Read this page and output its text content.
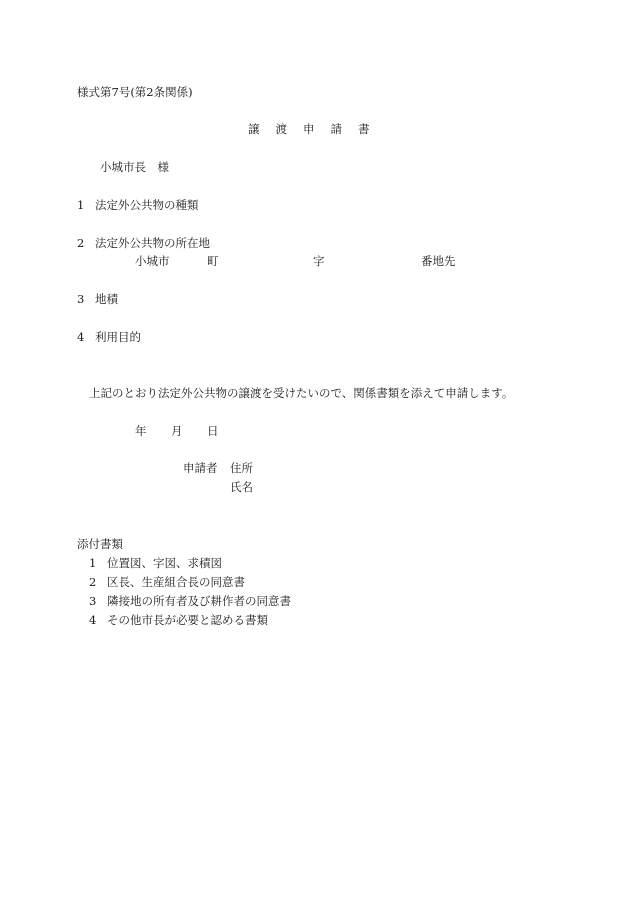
様式第7号(第2条関係)
譲渡申請書
小城市長　様
1 法定外公共物の種類
2 法定外公共物の所在地
小城市	町	字	番地先
3 地積
4 利用目的
上記のとおり法定外公共物の譲渡を受けたいので、関係書類を添えて申請します。
年 月 日
申請者 住所
氏名
添付書類
1 位置図、字図、求積図
2 区長、生産組合長の同意書
3 隣接地の所有者及び耕作者の同意書
4 その他市長が必要と認める書類
